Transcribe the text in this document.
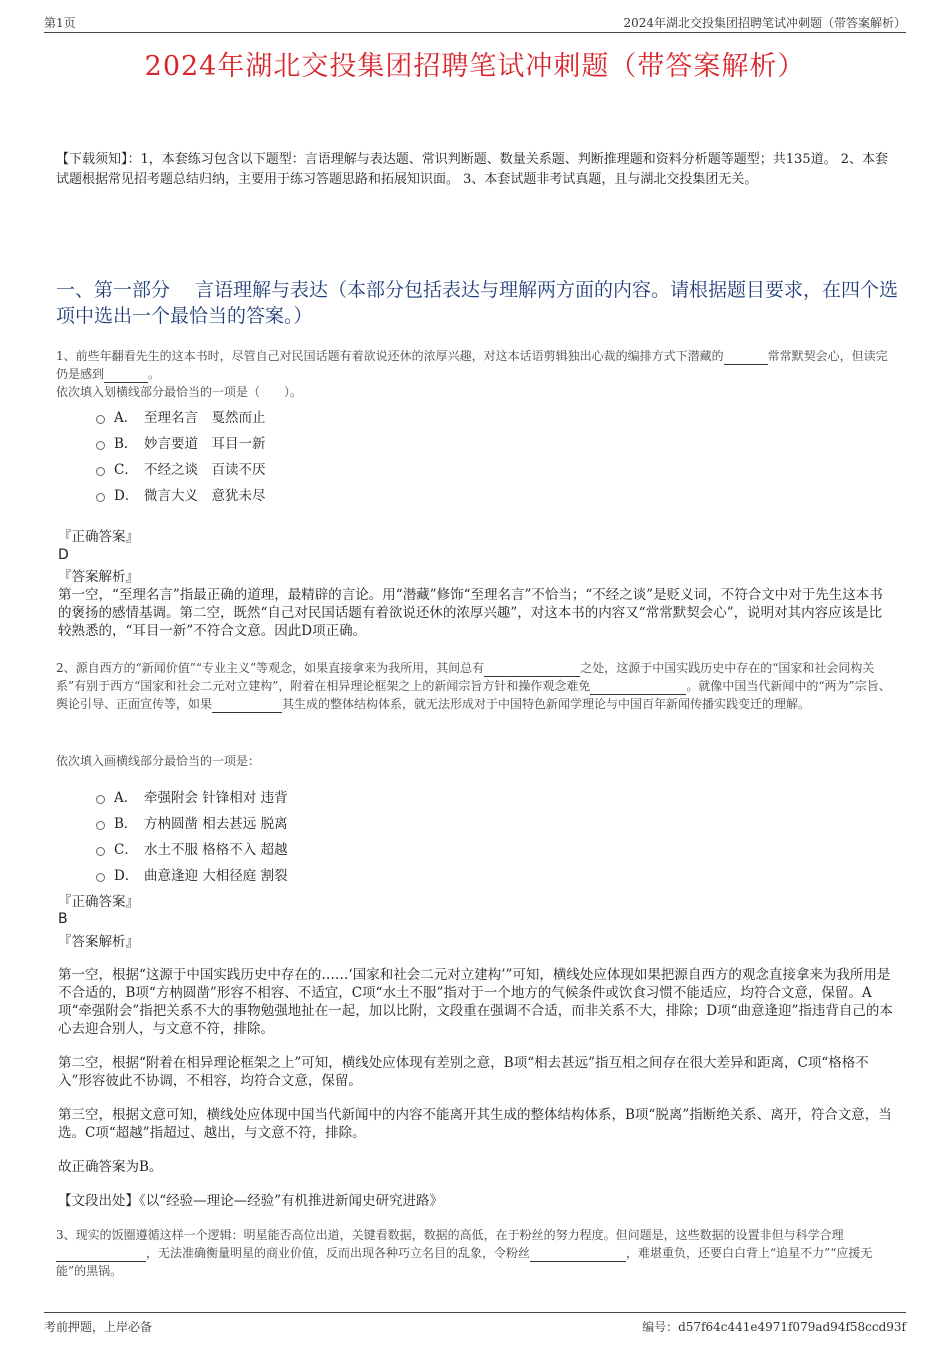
第1页	2024年湖北交投集团招聘笔试冲刺题（带答案解析）
2024年湖北交投集团招聘笔试冲刺题（带答案解析）
【下载须知】：1，本套练习包含以下题型：言语理解与表达题、常识判断题、数量关系题、判断推理题和资料分析题等题型；共135道。 2、本套试题根据常见招考题总结归纳，主要用于练习答题思路和拓展知识面。 3、本套试题非考试真题，且与湖北交投集团无关。
一、第一部分　 言语理解与表达（本部分包括表达与理解两方面的内容。请根据题目要求，在四个选项中选出一个最恰当的答案。）
1、前些年翻看先生的这本书时，尽管自己对民国话题有着欲说还休的浓厚兴趣，对这本话语剪辑独出心裁的编排方式下潜藏的	常常默契会心，但读完仍是感到	。
依次填入划横线部分最恰当的一项是（　　）。
A． 至理名言　戛然而止
B． 妙言要道　耳目一新
C． 不经之谈　百读不厌
D． 微言大义　意犹未尽
『正确答案』
D
『答案解析』
第一空，“至理名言”指最正确的道理，最精辟的言论。用“潜藏”修饰“至理名言”不恰当；“不经之谈”是贬义词，不符合文中对于先生这本书的褒扬的感情基调。第二空，既然“自己对民国话题有着欲说还休的浓厚兴趣”，对这本书的内容又“常常默契会心”，说明对其内容应该是比较熟悉的，“耳目一新”不符合文意。因此D项正确。
2、源自西方的“新闻价值”“专业主义”等观念，如果直接拿来为我所用，其间总有	之处，这源于中国实践历史中存在的“国家和社会同构关系”有别于西方“国家和社会二元对立建构”，附着在相异理论框架之上的新闻宗旨方针和操作观念难免	。就像中国当代新闻中的“两为”宗旨、舆论引导、正面宣传等，如果	其生成的整体结构体系，就无法形成对于中国特色新闻学理论与中国百年新闻传播实践变迁的理解。
依次填入画横线部分最恰当的一项是：
A． 牵强附会 针锋相对 违背
B． 方枘圆凿 相去甚远 脱离
C． 水土不服 格格不入 超越
D． 曲意逢迎 大相径庭 割裂
『正确答案』
B
『答案解析』
第一空，根据“这源于中国实践历史中存在的……‘国家和社会二元对立建构’”可知，横线处应体现如果把源自西方的观念直接拿来为我所用是不合适的，B项“方枘圆凿”形容不相容、不适宜，C项“水土不服”指对于一个地方的气候条件或饮食习惯不能适应，均符合文意，保留。A项“牵强附会”指把关系不大的事物勉强地扯在一起，加以比附，文段重在强调不合适，而非关系不大，排除；D项“曲意逢迎”指违背自己的本心去迎合别人，与文意不符，排除。
第二空，根据“附着在相异理论框架之上”可知，横线处应体现有差别之意，B项“相去甚远”指互相之间存在很大差异和距离，C项“格格不入”形容彼此不协调，不相容，均符合文意，保留。
第三空，根据文意可知，横线处应体现中国当代新闻中的内容不能离开其生成的整体结构体系，B项“脱离”指断绝关系、离开，符合文意，当选。C项“超越”指超过、越出，与文意不符，排除。
故正确答案为B。
【文段出处】《以“经验—理论—经验”有机推进新闻史研究进路》
3、现实的饭圈遵循这样一个逻辑：明星能否高位出道，关键看数据，数据的高低，在于粉丝的努力程度。但问题是，这些数据的设置非但与科学合理，无法准确衡量明星的商业价值，反而出现各种巧立名目的乱象，令粉丝	，难堪重负，还要白白背上“追星不力”“应援无能”的黑锅。
考前押题，上岸必备	编号：d57f64c441e4971f079ad94f58ccd93f
